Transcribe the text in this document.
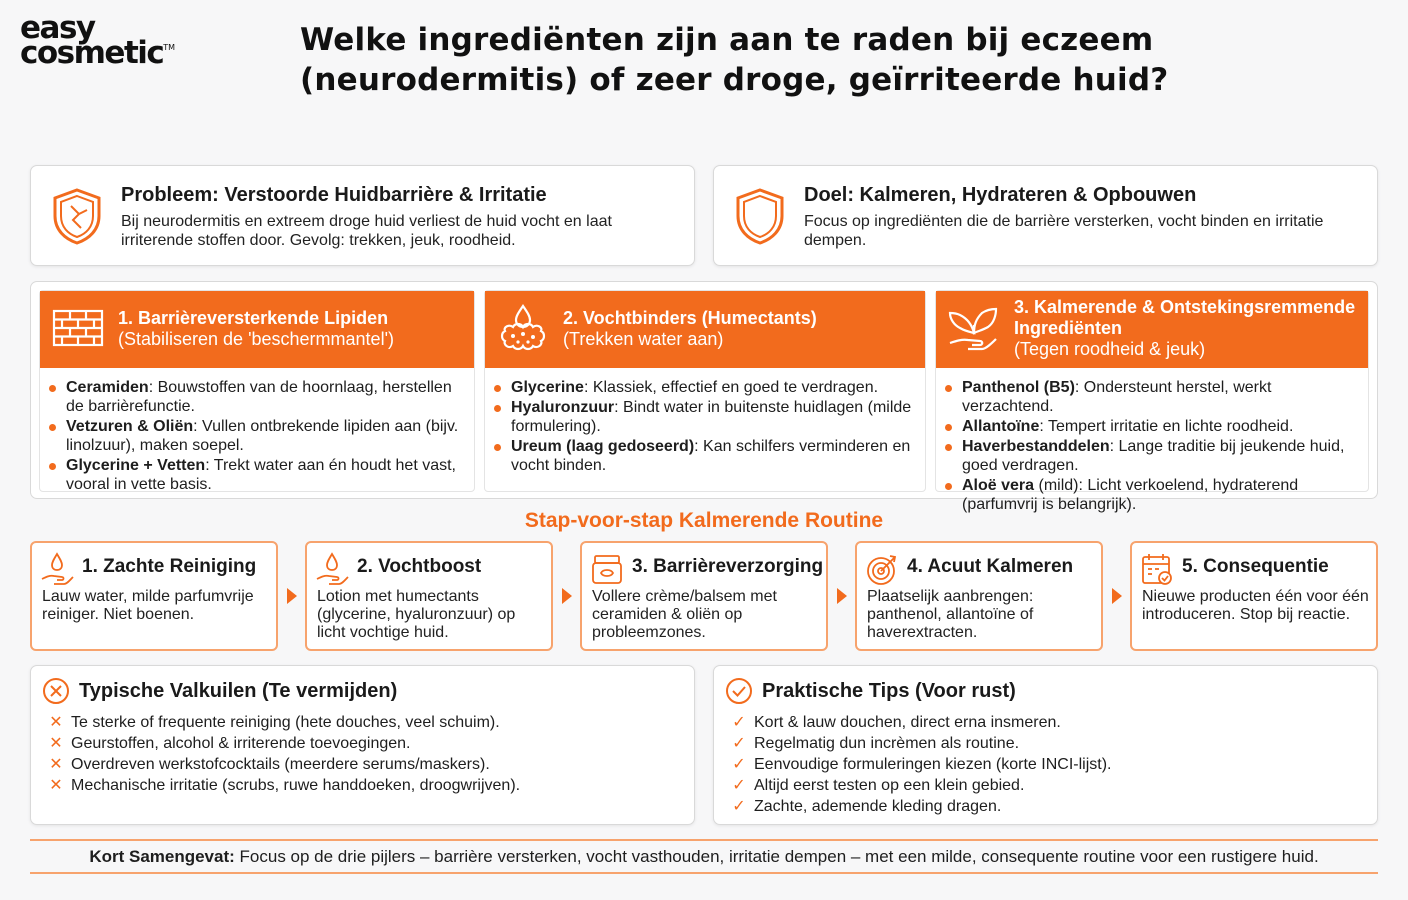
easy
cosmetic™	Welke ingrediënten zijn aan te raden bij eczeem (neurodermitis) of zeer droge, geïrriteerde huid?
Probleem: Verstoorde Huidbarrière & Irritatie
Bij neurodermitis en extreem droge huid verliest de huid vocht en laat irriterende stoffen door. Gevolg: trekken, jeuk, roodheid.
Doel: Kalmeren, Hydrateren & Opbouwen
Focus op ingrediënten die de barrière versterken, vocht binden en irritatie dempen.
1. Barrièreversterkende Lipiden
(Stabiliseren de 'beschermmantel')
Ceramiden: Bouwstoffen van de hoornlaag, herstellen de barrièrefunctie.
Vetzuren & Oliën: Vullen ontbrekende lipiden aan (bijv. linolzuur), maken soepel.
Glycerine + Vetten: Trekt water aan én houdt het vast, vooral in vette basis.
2. Vochtbinders (Humectants)
(Trekken water aan)
Glycerine: Klassiek, effectief en goed te verdragen.
Hyaluronzuur: Bindt water in buitenste huidlagen (milde formulering).
Ureum (laag gedoseerd): Kan schilfers verminderen en vocht binden.
3. Kalmerende & Ontstekingsremmende Ingrediënten
(Tegen roodheid & jeuk)
Panthenol (B5): Ondersteunt herstel, werkt verzachtend.
Allantoïne: Tempert irritatie en lichte roodheid.
Haverbestanddelen: Lange traditie bij jeukende huid, goed verdragen.
Aloë vera (mild): Licht verkoelend, hydraterend (parfumvrij is belangrijk).
Stap-voor-stap Kalmerende Routine
1. Zachte Reiniging
Lauw water, milde parfumvrije reiniger. Niet boenen.
2. Vochtboost
Lotion met humectants (glycerine, hyaluronzuur) op licht vochtige huid.
3. Barrièreverzorging
Vollere crème/balsem met ceramiden & oliën op probleemzones.
4. Acuut Kalmeren
Plaatselijk aanbrengen: panthenol, allantoïne of haverextracten.
5. Consequentie
Nieuwe producten één voor één introduceren. Stop bij reactie.
Typische Valkuilen (Te vermijden)
✕ Te sterke of frequente reiniging (hete douches, veel schuim).
✕ Geurstoffen, alcohol & irriterende toevoegingen.
✕ Overdreven werkstofcocktails (meerdere serums/maskers).
✕ Mechanische irritatie (scrubs, ruwe handdoeken, droogwrijven).
Praktische Tips (Voor rust)
✓ Kort & lauw douchen, direct erna insmeren.
✓ Regelmatig dun incrèmen als routine.
✓ Eenvoudige formuleringen kiezen (korte INCI-lijst).
✓ Altijd eerst testen op een klein gebied.
✓ Zachte, ademende kleding dragen.
Kort Samengevat: Focus op de drie pijlers – barrière versterken, vocht vasthouden, irritatie dempen – met een milde, consequente routine voor een rustigere huid.
